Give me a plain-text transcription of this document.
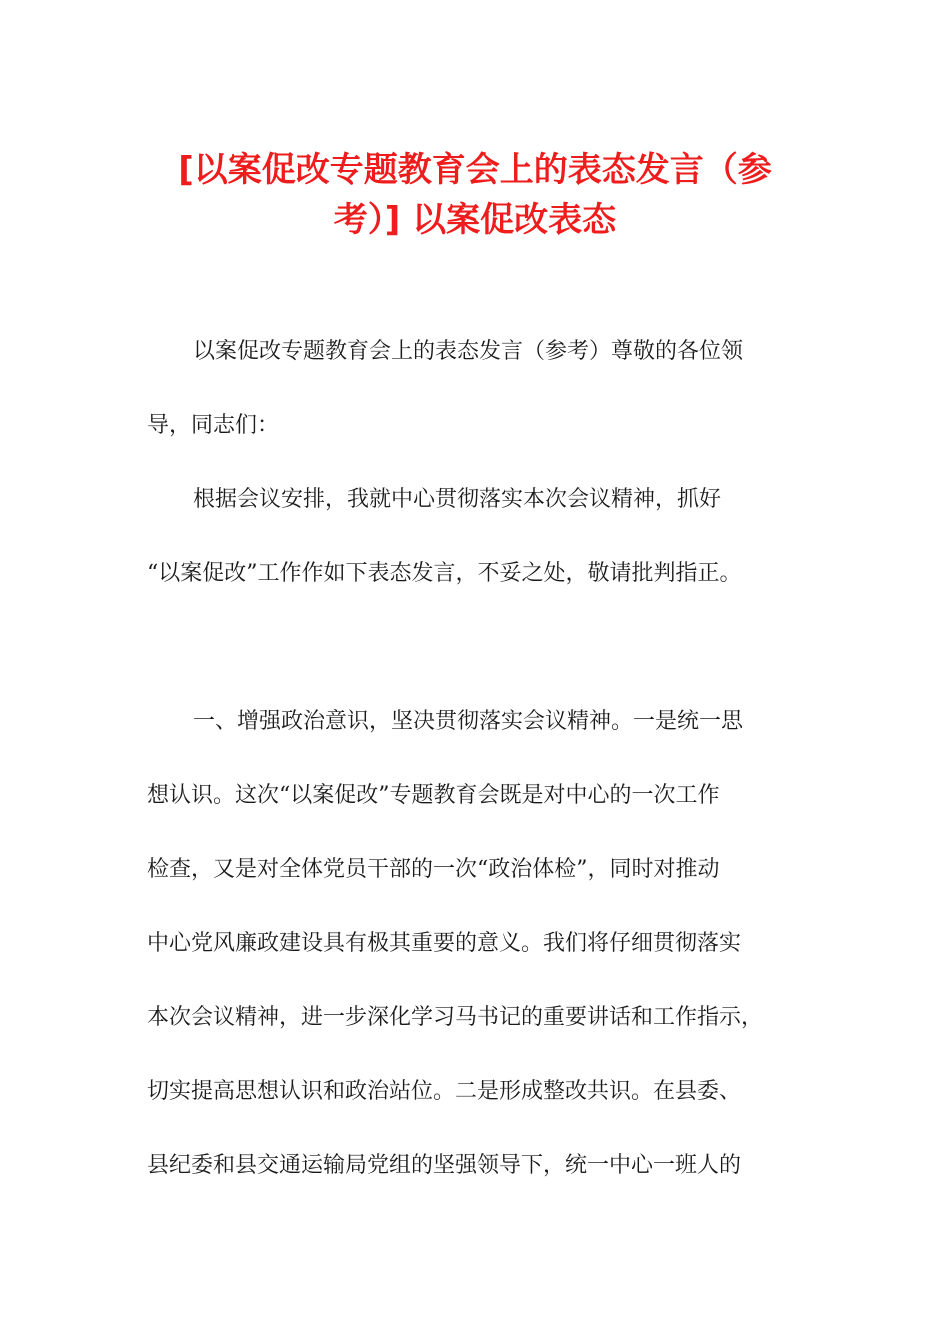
[以案促改专题教育会上的表态发言（参
考）] 以案促改表态
以案促改专题教育会上的表态发言（参考）尊敬的各位领
导，同志们：
根据会议安排，我就中心贯彻落实本次会议精神，抓好
“以案促改”工作作如下表态发言，不妥之处，敬请批判指正。
一、增强政治意识，坚决贯彻落实会议精神。一是统一思
想认识。这次“以案促改”专题教育会既是对中心的一次工作
检查，又是对全体党员干部的一次“政治体检”，同时对推动
中心党风廉政建设具有极其重要的意义。我们将仔细贯彻落实
本次会议精神，进一步深化学习马书记的重要讲话和工作指示，
切实提高思想认识和政治站位。二是形成整改共识。在县委、
县纪委和县交通运输局党组的坚强领导下，统一中心一班人的
